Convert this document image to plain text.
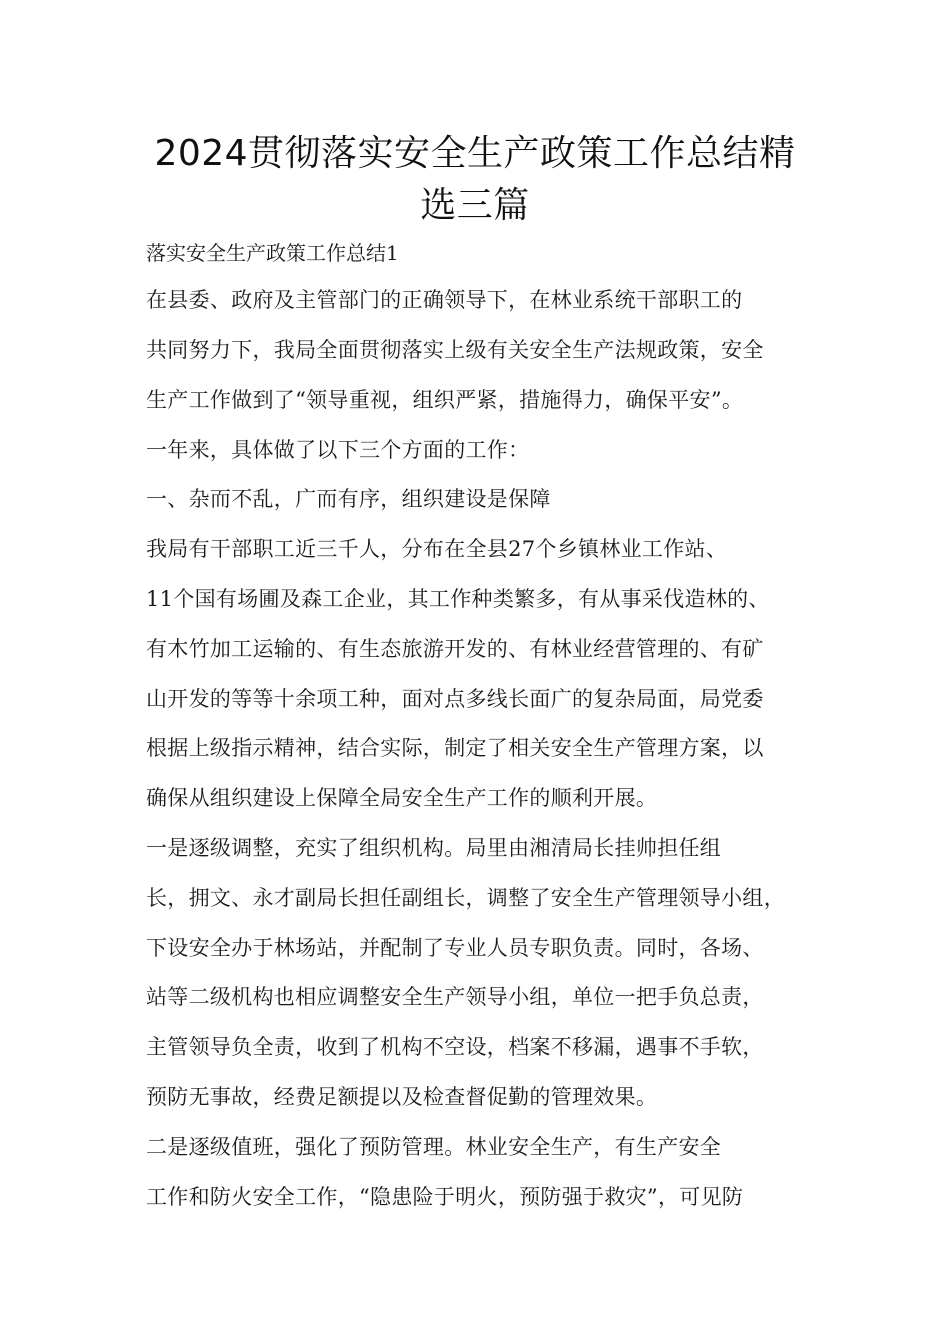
2024贯彻落实安全生产政策工作总结精
选三篇
落实安全生产政策工作总结1
在县委、政府及主管部门的正确领导下，在林业系统干部职工的
共同努力下，我局全面贯彻落实上级有关安全生产法规政策，安全
生产工作做到了“领导重视，组织严紧，措施得力，确保平安”。
一年来，具体做了以下三个方面的工作：
一、杂而不乱，广而有序，组织建设是保障
我局有干部职工近三千人，分布在全县27个乡镇林业工作站、
11个国有场圃及森工企业，其工作种类繁多，有从事采伐造林的、
有木竹加工运输的、有生态旅游开发的、有林业经营管理的、有矿
山开发的等等十余项工种，面对点多线长面广的复杂局面，局党委
根据上级指示精神，结合实际，制定了相关安全生产管理方案，以
确保从组织建设上保障全局安全生产工作的顺利开展。
一是逐级调整，充实了组织机构。局里由湘清局长挂帅担任组
长，拥文、永才副局长担任副组长，调整了安全生产管理领导小组，
下设安全办于林场站，并配制了专业人员专职负责。同时，各场、
站等二级机构也相应调整安全生产领导小组，单位一把手负总责，
主管领导负全责，收到了机构不空设，档案不移漏，遇事不手软，
预防无事故，经费足额提以及检查督促勤的管理效果。
二是逐级值班，强化了预防管理。林业安全生产，有生产安全
工作和防火安全工作，“隐患险于明火，预防强于救灾”，可见防
